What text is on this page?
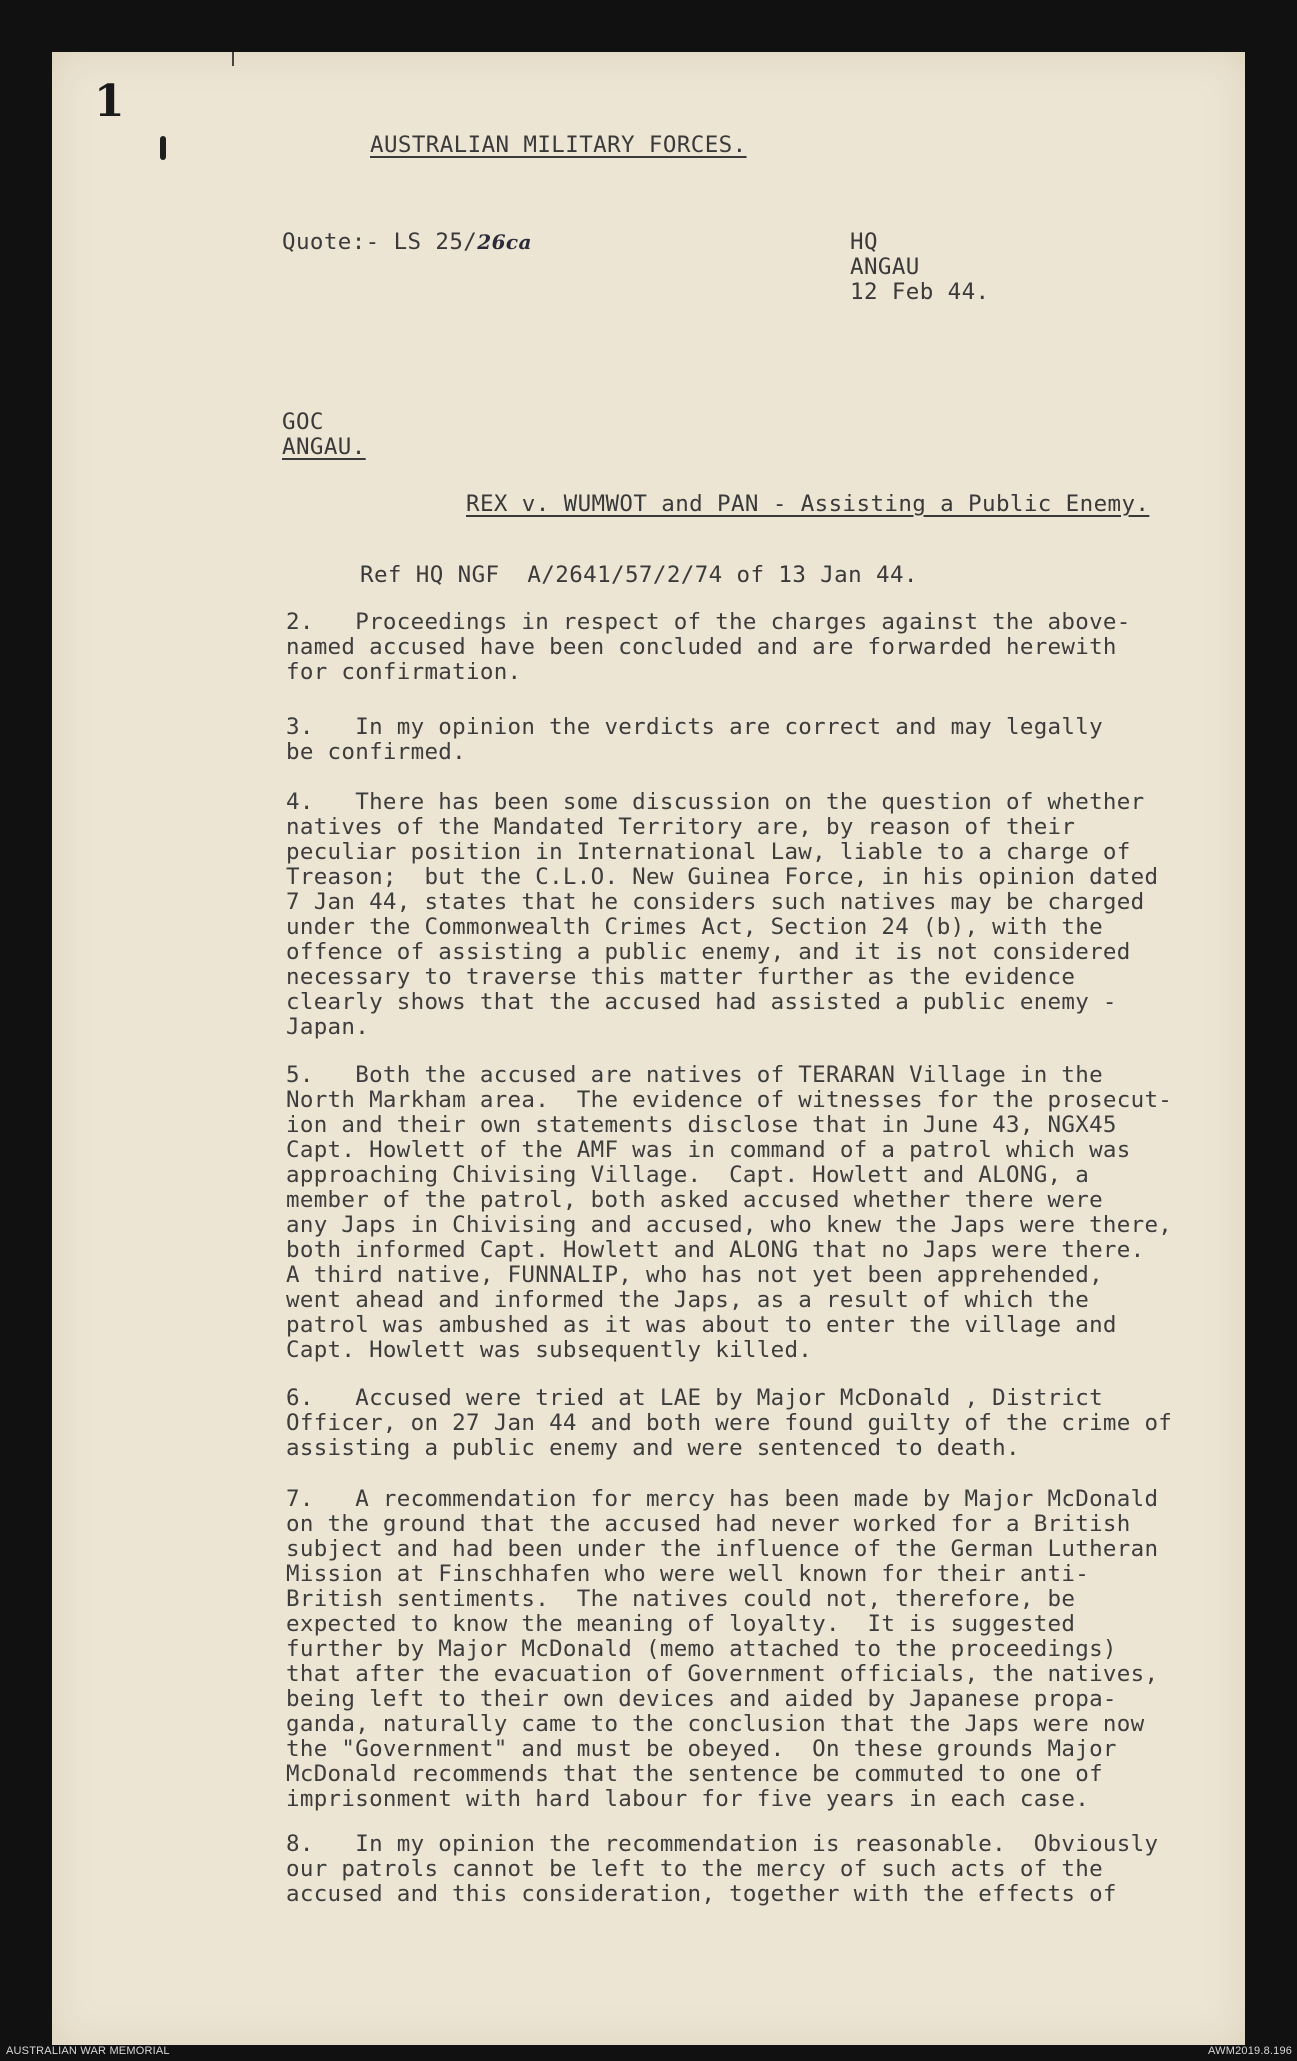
1
AUSTRALIAN MILITARY FORCES.
Quote:- LS 25/26ca	HQ
ANGAU
12 Feb 44.
GOC
ANGAU.
REX v. WUMWOT and PAN - Assisting a Public Enemy.
Ref HQ NGF  A/2641/57/2/74 of 13 Jan 44.
2.   Proceedings in respect of the charges against the above-
named accused have been concluded and are forwarded herewith
for confirmation.
3.   In my opinion the verdicts are correct and may legally
be confirmed.
4.   There has been some discussion on the question of whether
natives of the Mandated Territory are, by reason of their
peculiar position in International Law, liable to a charge of
Treason;  but the C.L.O. New Guinea Force, in his opinion dated
7 Jan 44, states that he considers such natives may be charged
under the Commonwealth Crimes Act, Section 24 (b), with the
offence of assisting a public enemy, and it is not considered
necessary to traverse this matter further as the evidence
clearly shows that the accused had assisted a public enemy -
Japan.
5.   Both the accused are natives of TERARAN Village in the
North Markham area.  The evidence of witnesses for the prosecut-
ion and their own statements disclose that in June 43, NGX45
Capt. Howlett of the AMF was in command of a patrol which was
approaching Chivising Village.  Capt. Howlett and ALONG, a
member of the patrol, both asked accused whether there were
any Japs in Chivising and accused, who knew the Japs were there,
both informed Capt. Howlett and ALONG that no Japs were there.
A third native, FUNNALIP, who has not yet been apprehended,
went ahead and informed the Japs, as a result of which the
patrol was ambushed as it was about to enter the village and
Capt. Howlett was subsequently killed.
6.   Accused were tried at LAE by Major McDonald , District
Officer, on 27 Jan 44 and both were found guilty of the crime of
assisting a public enemy and were sentenced to death.
7.   A recommendation for mercy has been made by Major McDonald
on the ground that the accused had never worked for a British
subject and had been under the influence of the German Lutheran
Mission at Finschhafen who were well known for their anti-
British sentiments.  The natives could not, therefore, be
expected to know the meaning of loyalty.  It is suggested
further by Major McDonald (memo attached to the proceedings)
that after the evacuation of Government officials, the natives,
being left to their own devices and aided by Japanese propa-
ganda, naturally came to the conclusion that the Japs were now
the "Government" and must be obeyed.  On these grounds Major
McDonald recommends that the sentence be commuted to one of
imprisonment with hard labour for five years in each case.
8.   In my opinion the recommendation is reasonable.  Obviously
our patrols cannot be left to the mercy of such acts of the
accused and this consideration, together with the effects of
AUSTRALIAN WAR MEMORIAL	AWM2019.8.196
